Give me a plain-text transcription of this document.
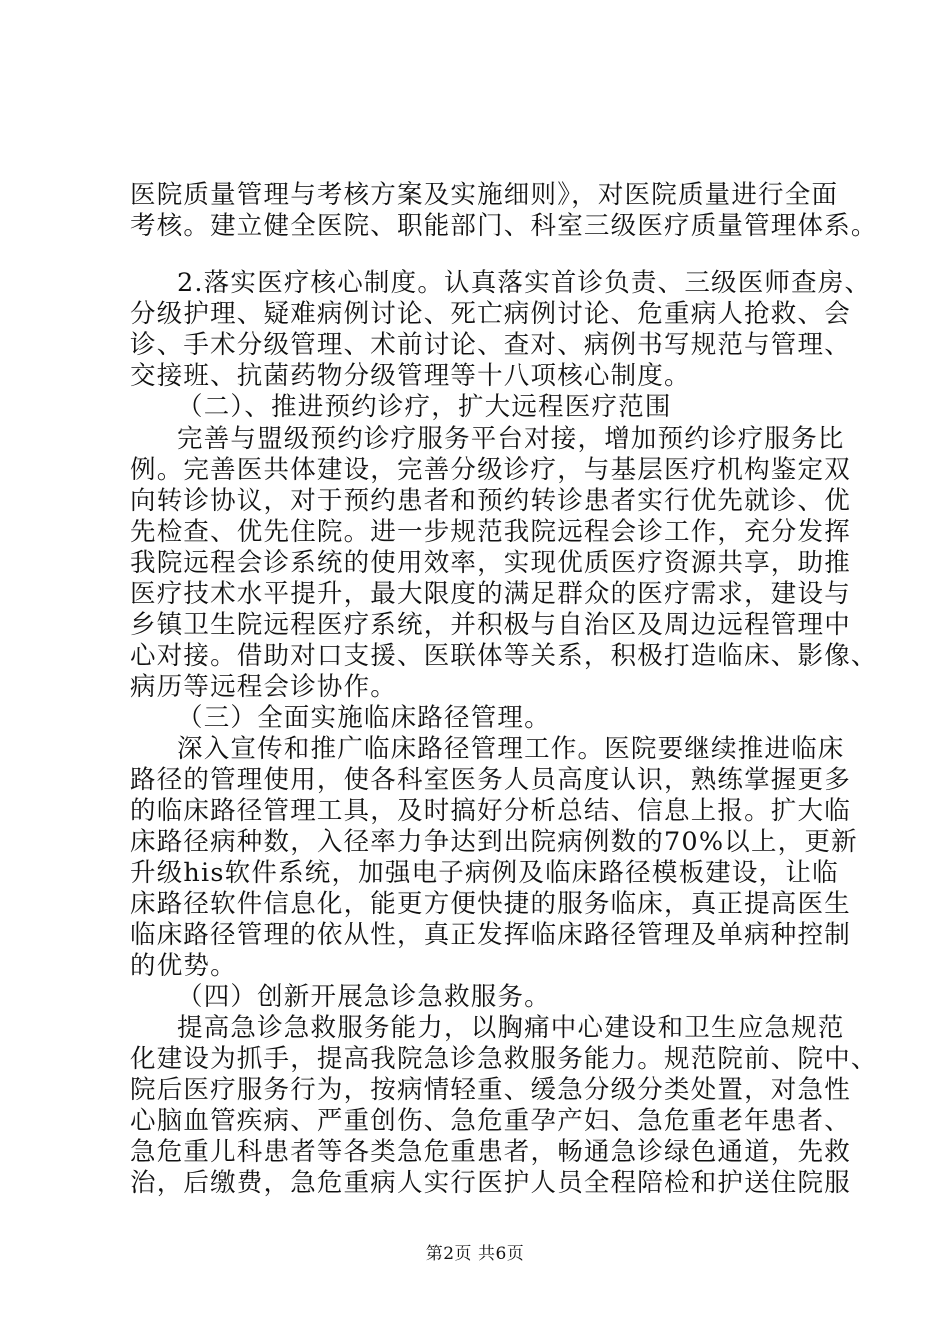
医院质量管理与考核方案及实施细则》，对医院质量进行全面
考核。建立健全医院、职能部门、科室三级医疗质量管理体系。
2.落实医疗核心制度。认真落实首诊负责、三级医师查房、
分级护理、疑难病例讨论、死亡病例讨论、危重病人抢救、会
诊、手术分级管理、术前讨论、查对、病例书写规范与管理、
交接班、抗菌药物分级管理等十八项核心制度。
（二）、推进预约诊疗，扩大远程医疗范围
完善与盟级预约诊疗服务平台对接，增加预约诊疗服务比
例。完善医共体建设，完善分级诊疗，与基层医疗机构鉴定双
向转诊协议，对于预约患者和预约转诊患者实行优先就诊、优
先检查、优先住院。进一步规范我院远程会诊工作，充分发挥
我院远程会诊系统的使用效率，实现优质医疗资源共享，助推
医疗技术水平提升，最大限度的满足群众的医疗需求，建设与
乡镇卫生院远程医疗系统，并积极与自治区及周边远程管理中
心对接。借助对口支援、医联体等关系，积极打造临床、影像、
病历等远程会诊协作。
（三）全面实施临床路径管理。
深入宣传和推广临床路径管理工作。医院要继续推进临床
路径的管理使用，使各科室医务人员高度认识，熟练掌握更多
的临床路径管理工具，及时搞好分析总结、信息上报。扩大临
床路径病种数，入径率力争达到出院病例数的70%以上，更新
升级his软件系统，加强电子病例及临床路径模板建设，让临
床路径软件信息化，能更方便快捷的服务临床，真正提高医生
临床路径管理的依从性，真正发挥临床路径管理及单病种控制
的优势。
（四）创新开展急诊急救服务。
提高急诊急救服务能力，以胸痛中心建设和卫生应急规范
化建设为抓手，提高我院急诊急救服务能力。规范院前、院中、
院后医疗服务行为，按病情轻重、缓急分级分类处置，对急性
心脑血管疾病、严重创伤、急危重孕产妇、急危重老年患者、
急危重儿科患者等各类急危重患者，畅通急诊绿色通道，先救
治，后缴费，急危重病人实行医护人员全程陪检和护送住院服
第2页 共6页
